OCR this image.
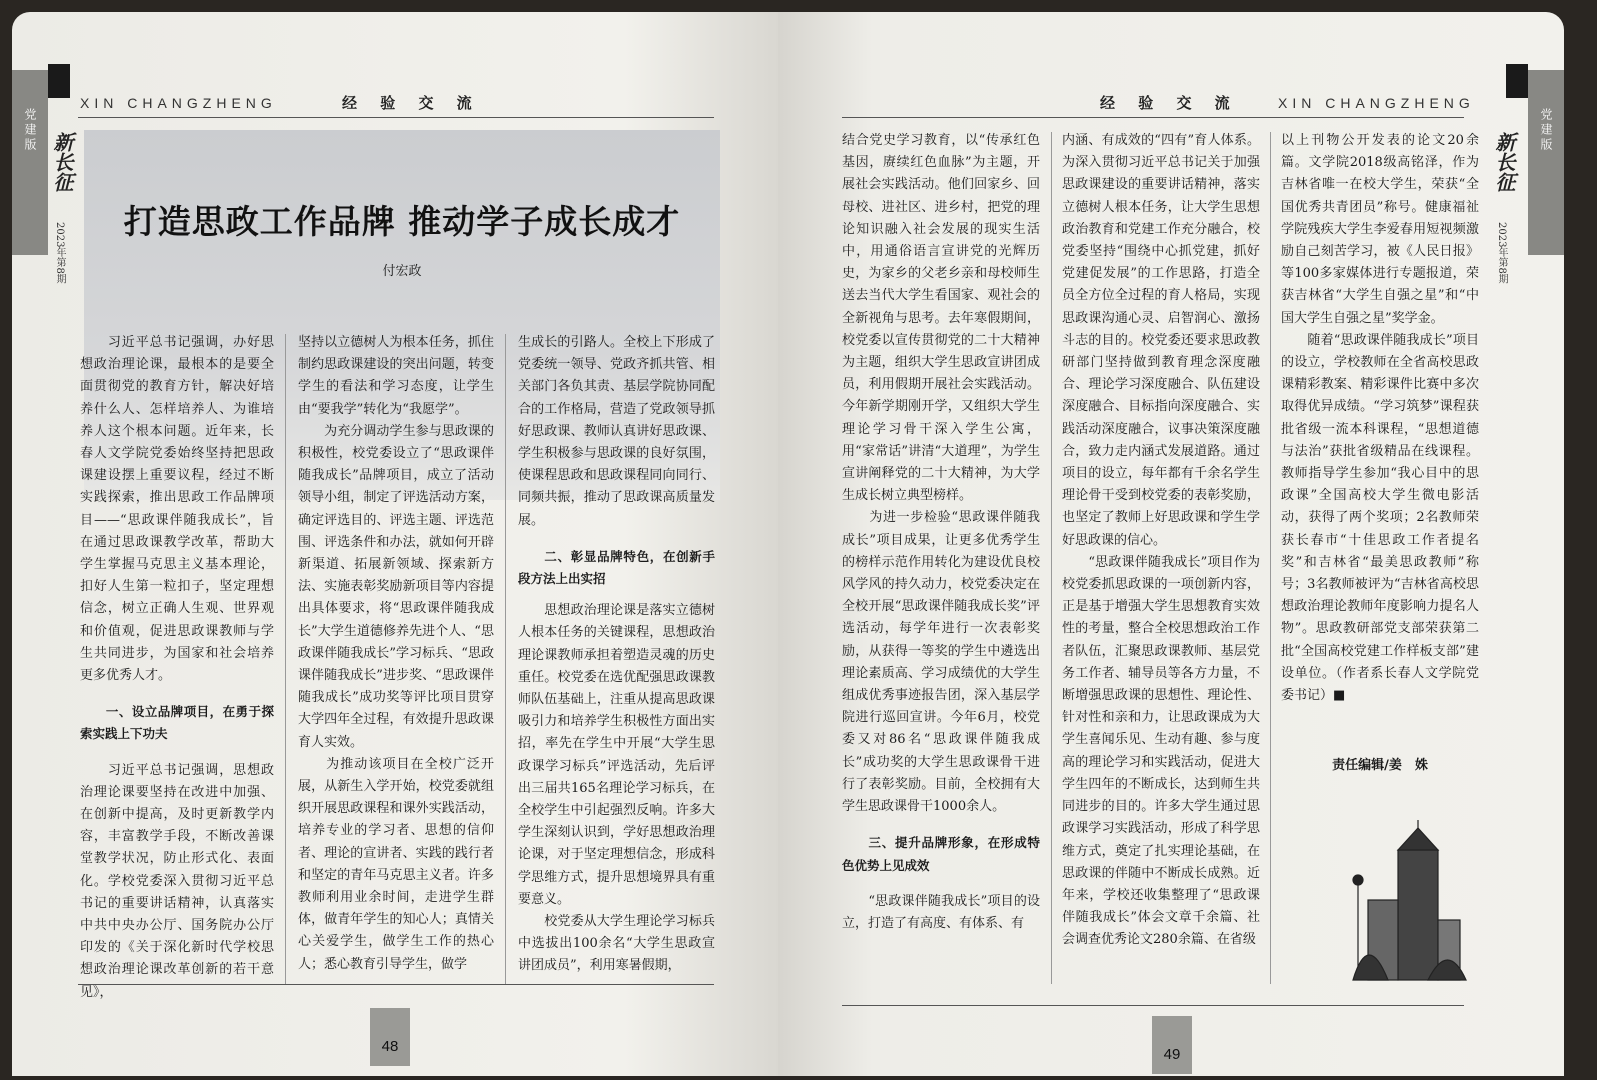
党建版
新长征
2023年第8期
XIN CHANGZHENG	经 验 交 流
打造思政工作品牌 推动学子成长成才
付宏政
　　习近平总书记强调，办好思想政治理论课，最根本的是要全面贯彻党的教育方针，解决好培养什么人、怎样培养人、为谁培养人这个根本问题。近年来，长春人文学院党委始终坚持把思政课建设摆上重要议程，经过不断实践探索，推出思政工作品牌项目——“思政课伴随我成长”，旨在通过思政课教学改革，帮助大学生掌握马克思主义基本理论，扣好人生第一粒扣子，坚定理想信念，树立正确人生观、世界观和价值观，促进思政课教师与学生共同进步，为国家和社会培养更多优秀人才。
　　一、设立品牌项目，在勇于探索实践上下功夫
　　习近平总书记强调，思想政治理论课要坚持在改进中加强、在创新中提高，及时更新教学内容，丰富教学手段，不断改善课堂教学状况，防止形式化、表面化。学校党委深入贯彻习近平总书记的重要讲话精神，认真落实中共中央办公厅、国务院办公厅印发的《关于深化新时代学校思想政治理论课改革创新的若干意见》，
坚持以立德树人为根本任务，抓住制约思政课建设的突出问题，转变学生的看法和学习态度，让学生由“要我学”转化为“我愿学”。
　　为充分调动学生参与思政课的积极性，校党委设立了“思政课伴随我成长”品牌项目，成立了活动领导小组，制定了评选活动方案，确定评选目的、评选主题、评选范围、评选条件和办法，就如何开辟新渠道、拓展新领域、探索新方法、实施表彰奖励新项目等内容提出具体要求，将“思政课伴随我成长”大学生道德修养先进个人、“思政课伴随我成长”学习标兵、“思政课伴随我成长”进步奖、“思政课伴随我成长”成功奖等评比项目贯穿大学四年全过程，有效提升思政课育人实效。
　　为推动该项目在全校广泛开展，从新生入学开始，校党委就组织开展思政课程和课外实践活动，培养专业的学习者、思想的信仰者、理论的宣讲者、实践的践行者和坚定的青年马克思主义者。许多教师利用业余时间，走进学生群体，做青年学生的知心人；真情关心关爱学生，做学生工作的热心人；悉心教育引导学生，做学
生成长的引路人。全校上下形成了党委统一领导、党政齐抓共管、相关部门各负其责、基层学院协同配合的工作格局，营造了党政领导抓好思政课、教师认真讲好思政课、学生积极参与思政课的良好氛围，使课程思政和思政课程同向同行、同频共振，推动了思政课高质量发展。
　　二、彰显品牌特色，在创新手段方法上出实招
　　思想政治理论课是落实立德树人根本任务的关键课程，思想政治理论课教师承担着塑造灵魂的历史重任。校党委在选优配强思政课教师队伍基础上，注重从提高思政课吸引力和培养学生积极性方面出实招，率先在学生中开展“大学生思政课学习标兵”评选活动，先后评出三届共165名理论学习标兵，在全校学生中引起强烈反响。许多大学生深刻认识到，学好思想政治理论课，对于坚定理想信念，形成科学思维方式，提升思想境界具有重要意义。
　　校党委从大学生理论学习标兵中选拔出100余名“大学生思政宣讲团成员”，利用寒暑假期，
48
党建版
新长征
2023年第8期
经 验 交 流	XIN CHANGZHENG
结合党史学习教育，以“传承红色基因，赓续红色血脉”为主题，开展社会实践活动。他们回家乡、回母校、进社区、进乡村，把党的理论知识融入社会发展的现实生活中，用通俗语言宣讲党的光辉历史，为家乡的父老乡亲和母校师生送去当代大学生看国家、观社会的全新视角与思考。去年寒假期间，校党委以宣传贯彻党的二十大精神为主题，组织大学生思政宣讲团成员，利用假期开展社会实践活动。今年新学期刚开学，又组织大学生理论学习骨干深入学生公寓，用“家常话”讲清“大道理”，为学生宣讲阐释党的二十大精神，为大学生成长树立典型榜样。
　　为进一步检验“思政课伴随我成长”项目成果，让更多优秀学生的榜样示范作用转化为建设优良校风学风的持久动力，校党委决定在全校开展“思政课伴随我成长奖”评选活动，每学年进行一次表彰奖励，从获得一等奖的学生中遴选出理论素质高、学习成绩优的大学生组成优秀事迹报告团，深入基层学院进行巡回宣讲。今年6月，校党委又对86名“思政课伴随我成长”成功奖的大学生思政课骨干进行了表彰奖励。目前，全校拥有大学生思政课骨干1000余人。
　　三、提升品牌形象，在形成特色优势上见成效
　　“思政课伴随我成长”项目的设立，打造了有高度、有体系、有
内涵、有成效的“四有”育人体系。为深入贯彻习近平总书记关于加强思政课建设的重要讲话精神，落实立德树人根本任务，让大学生思想政治教育和党建工作充分融合，校党委坚持“围绕中心抓党建，抓好党建促发展”的工作思路，打造全员全方位全过程的育人格局，实现思政课沟通心灵、启智润心、激扬斗志的目的。校党委还要求思政教研部门坚持做到教育理念深度融合、理论学习深度融合、队伍建设深度融合、目标指向深度融合、实践活动深度融合，议事决策深度融合，致力走内涵式发展道路。通过项目的设立，每年都有千余名学生理论骨干受到校党委的表彰奖励，也坚定了教师上好思政课和学生学好思政课的信心。
　　“思政课伴随我成长”项目作为校党委抓思政课的一项创新内容，正是基于增强大学生思想教育实效性的考量，整合全校思想政治工作者队伍，汇聚思政课教师、基层党务工作者、辅导员等各方力量，不断增强思政课的思想性、理论性、针对性和亲和力，让思政课成为大学生喜闻乐见、生动有趣、参与度高的理论学习和实践活动，促进大学生四年的不断成长，达到师生共同进步的目的。许多大学生通过思政课学习实践活动，形成了科学思维方式，奠定了扎实理论基础，在思政课的伴随中不断成长成熟。近年来，学校还收集整理了“思政课伴随我成长”体会文章千余篇、社会调查优秀论文280余篇、在省级
以上刊物公开发表的论文20余篇。文学院2018级高铭泽，作为吉林省唯一在校大学生，荣获“全国优秀共青团员”称号。健康福祉学院残疾大学生李爱春用短视频激励自己刻苦学习，被《人民日报》等100多家媒体进行专题报道，荣获吉林省“大学生自强之星”和“中国大学生自强之星”奖学金。
　　随着“思政课伴随我成长”项目的设立，学校教师在全省高校思政课精彩教案、精彩课件比赛中多次取得优异成绩。“学习筑梦”课程获批省级一流本科课程，“思想道德与法治”获批省级精品在线课程。教师指导学生参加“我心目中的思政课”全国高校大学生微电影活动，获得了两个奖项；2名教师荣获长春市“十佳思政工作者提名奖”和吉林省“最美思政教师”称号；3名教师被评为“吉林省高校思想政治理论教师年度影响力提名人物”。思政教研部党支部荣获第二批“全国高校党建工作样板支部”建设单位。（作者系长春人文学院党委书记）■
责任编辑/姜　姝
49
